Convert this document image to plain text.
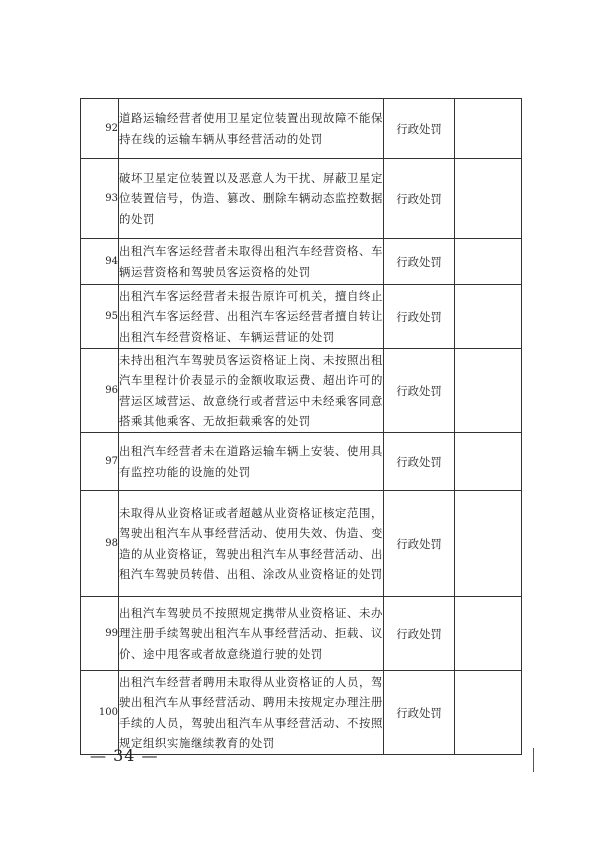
92	道路运输经营者使用卫星定位装置出现故障不能保持在线的运输车辆从事经营活动的处罚	行政处罚	
93	破坏卫星定位装置以及恶意人为干扰、屏蔽卫星定位装置信号，伪造、篡改、删除车辆动态监控数据的处罚	行政处罚	
94	出租汽车客运经营者未取得出租汽车经营资格、车辆运营资格和驾驶员客运资格的处罚	行政处罚	
95	出租汽车客运经营者未报告原许可机关，擅自终止出租汽车客运经营、出租汽车客运经营者擅自转让出租汽车经营资格证、车辆运营证的处罚	行政处罚	
96	未持出租汽车驾驶员客运资格证上岗、未按照出租汽车里程计价表显示的金额收取运费、超出许可的营运区域营运、故意绕行或者营运中未经乘客同意搭乘其他乘客、无故拒载乘客的处罚	行政处罚	
97	出租汽车经营者未在道路运输车辆上安装、使用具有监控功能的设施的处罚	行政处罚	
98	未取得从业资格证或者超越从业资格证核定范围，驾驶出租汽车从事经营活动、使用失效、伪造、变造的从业资格证，驾驶出租汽车从事经营活动、出租汽车驾驶员转借、出租、涂改从业资格证的处罚	行政处罚	
99	出租汽车驾驶员不按照规定携带从业资格证、未办理注册手续驾驶出租汽车从事经营活动、拒载、议价、途中甩客或者故意绕道行驶的处罚	行政处罚	
100	出租汽车经营者聘用未取得从业资格证的人员，驾驶出租汽车从事经营活动、聘用未按规定办理注册手续的人员，驾驶出租汽车从事经营活动、不按照规定组织实施继续教育的处罚	行政处罚	
— 34 —
